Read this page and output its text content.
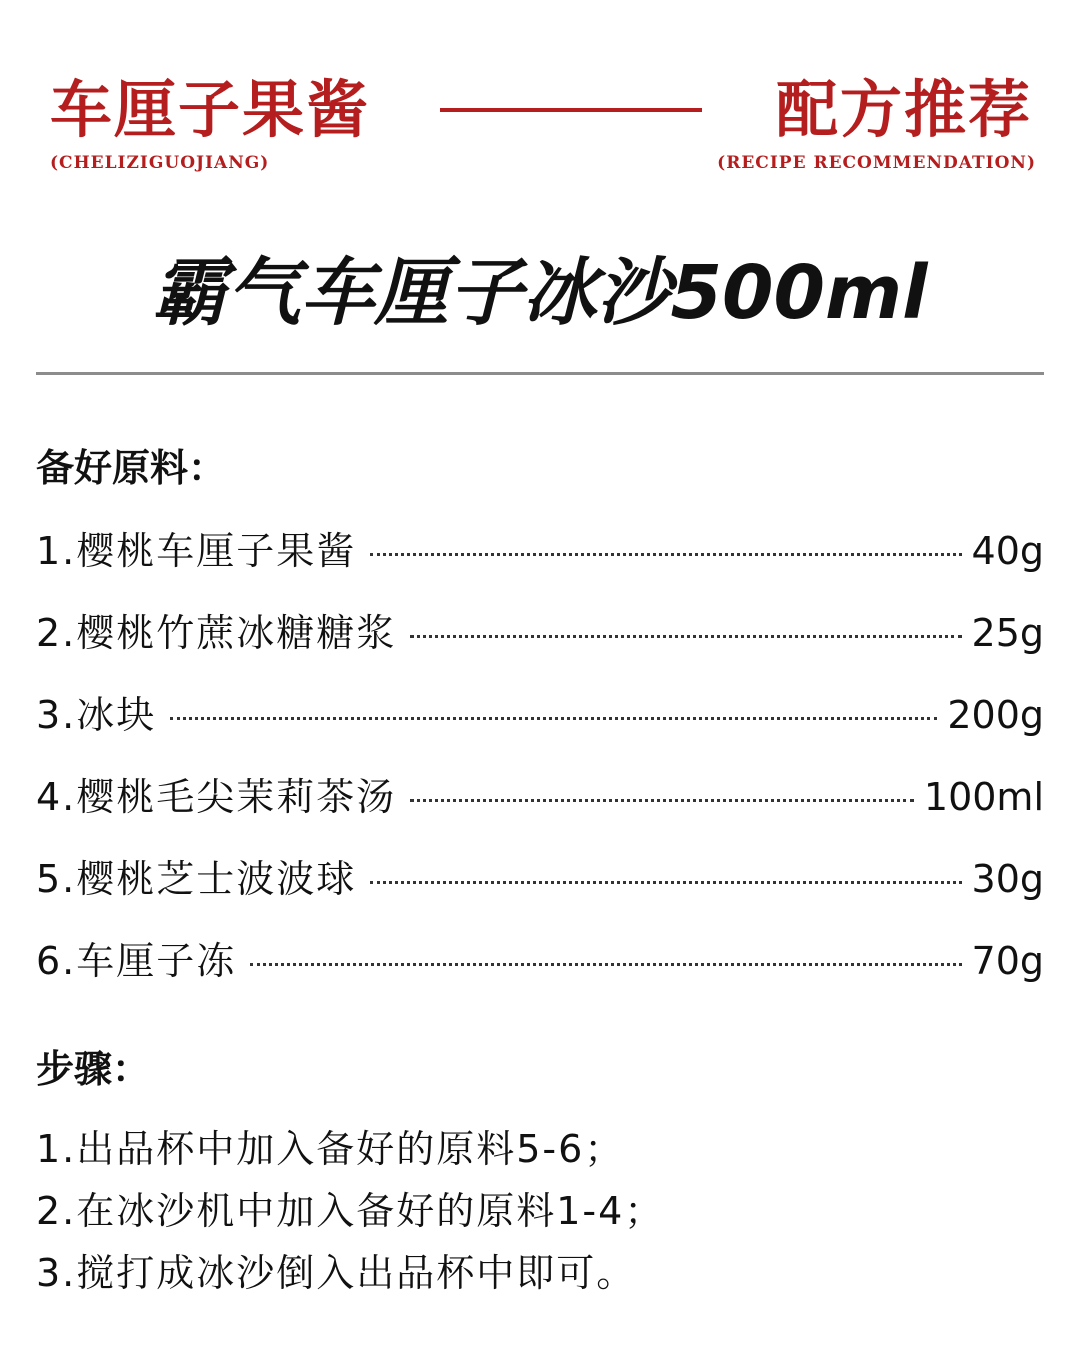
车厘子果酱	配方推荐
(CHELIZIGUOJIANG)	(RECIPE RECOMMENDATION)
霸气车厘子冰沙500ml
备好原料：
1.樱桃车厘子果酱	40g
2.樱桃竹蔗冰糖糖浆	25g
3.冰块	200g
4.樱桃毛尖茉莉茶汤	100ml
5.樱桃芝士波波球	30g
6.车厘子冻	70g
步骤：
1.出品杯中加入备好的原料5-6；
2.在冰沙机中加入备好的原料1-4；
3.搅打成冰沙倒入出品杯中即可。
